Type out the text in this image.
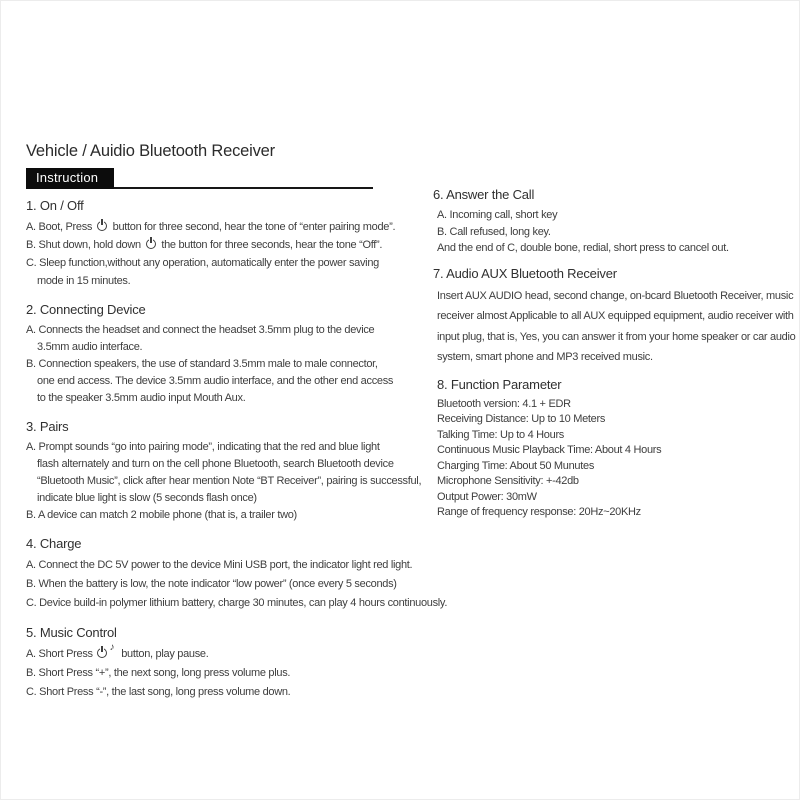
Vehicle / Auidio Bluetooth Receiver
Instruction
1. On / Off
A. Boot, Press  button for three second, hear the tone of “enter pairing mode”.
B. Shut down, hold down  the button for three seconds, hear the tone “Off”.
C. Sleep function,without any operation, automatically enter the power saving
mode in 15 minutes.
2. Connecting Device
A. Connects the headset and connect the headset 3.5mm plug to the device
3.5mm audio interface.
B. Connection speakers, the use of standard 3.5mm male to male connector,
one end access. The device 3.5mm audio interface, and the other end access
to the speaker 3.5mm audio input Mouth Aux.
3. Pairs
A. Prompt sounds “go into pairing mode”, indicating that the red and blue light
flash alternately and turn on the cell phone Bluetooth, search Bluetooth device
“Bluetooth Music”, click after hear mention Note “BT Receiver”, pairing is successful,
indicate blue light is slow (5 seconds flash once)
B. A device can match 2 mobile phone (that is, a trailer two)
4. Charge
A. Connect the DC 5V power to the device Mini USB port, the indicator light red light.
B. When the battery is low, the note indicator “low power” (once every 5 seconds)
C. Device build-in polymer lithium battery, charge 30 minutes, can play 4 hours continuously.
5. Music Control
A. Short Press ♪ button, play pause.
B. Short Press “+”, the next song, long press volume plus.
C. Short Press “-”, the last song, long press volume down.
6. Answer the Call
A. Incoming call, short key
B. Call refused, long key.
And the end of C, double bone, redial, short press to cancel out.
7. Audio AUX Bluetooth Receiver
Insert AUX AUDIO head, second change, on-bcard Bluetooth Receiver, music
receiver almost Applicable to all AUX equipped equipment, audio receiver with
input plug, that is, Yes, you can answer it from your home speaker or car audio
system, smart phone and MP3 received music.
8. Function Parameter
Bluetooth version: 4.1 + EDR
Receiving Distance: Up to 10 Meters
Talking Time: Up to 4 Hours
Continuous Music Playback Time: About 4 Hours
Charging Time: About 50 Munutes
Microphone Sensitivity: +-42db
Output Power: 30mW
Range of frequency response: 20Hz~20KHz
